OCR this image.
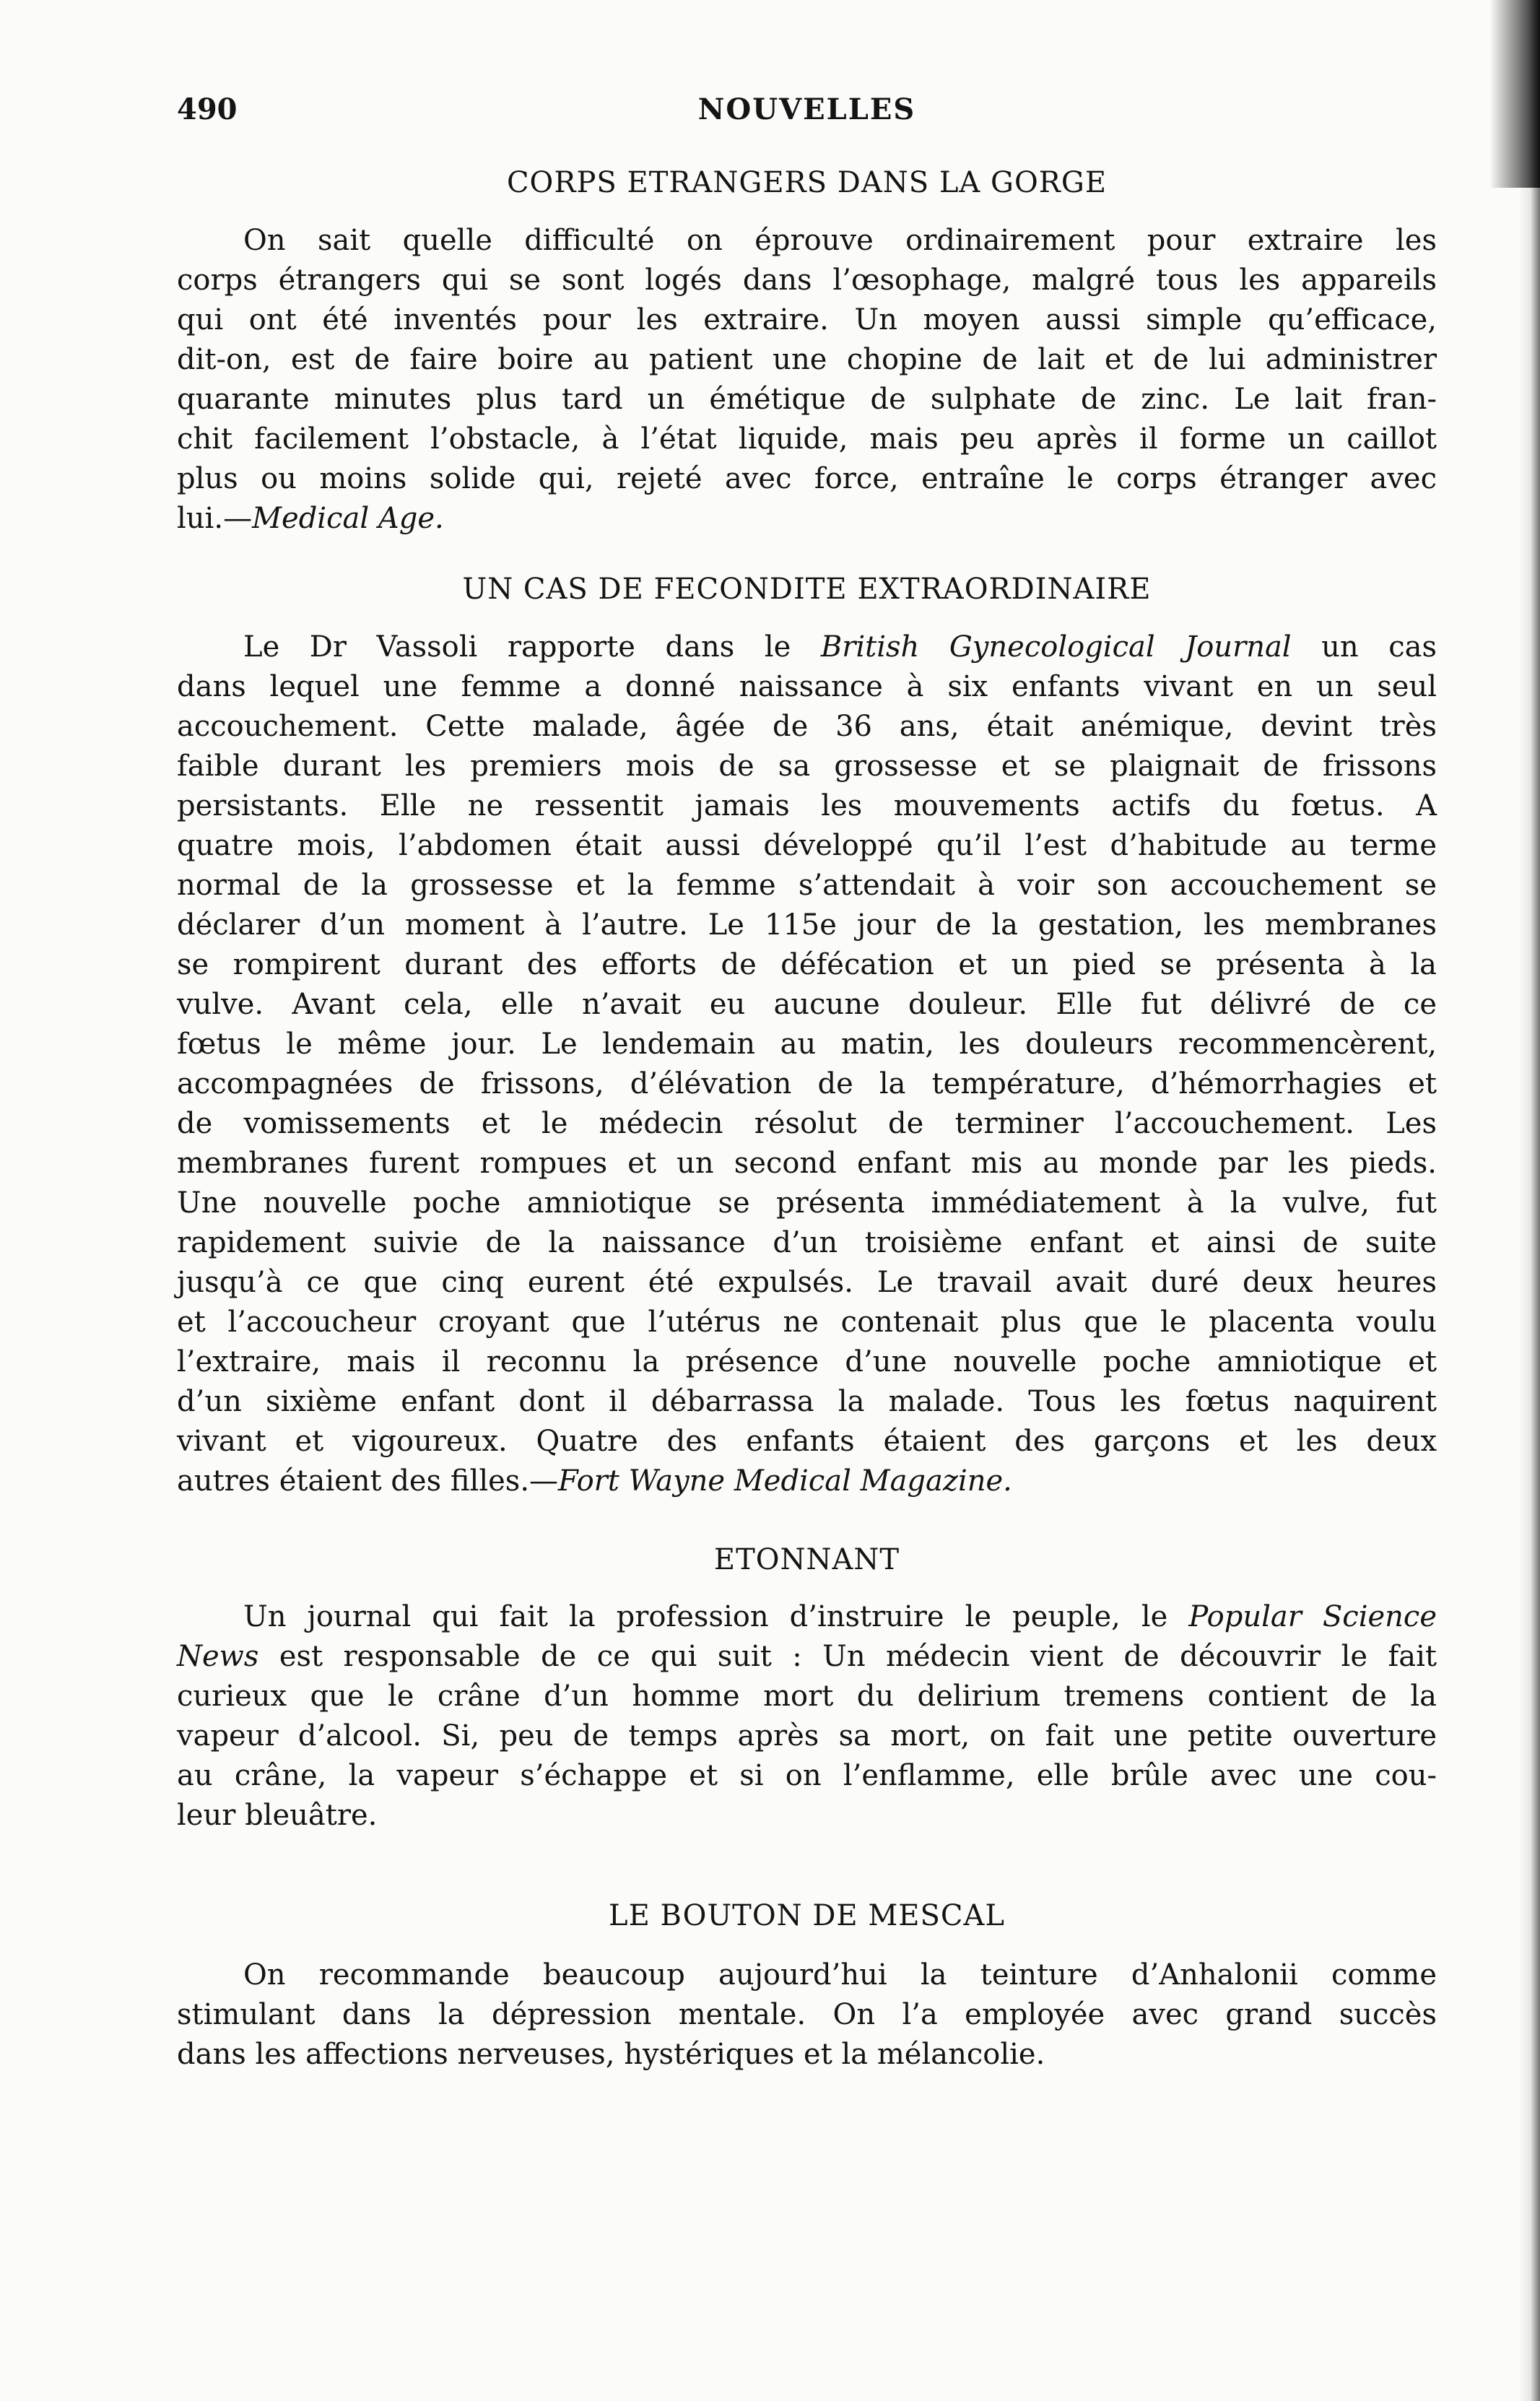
490	NOUVELLES
CORPS ETRANGERS DANS LA GORGE
On sait quelle difficulté on éprouve ordinairement pour extraire les
corps étrangers qui se sont logés dans l’œsophage, malgré tous les appareils
qui ont été inventés pour les extraire. Un moyen aussi simple qu’efficace,
dit-on, est de faire boire au patient une chopine de lait et de lui administrer
quarante minutes plus tard un émétique de sulphate de zinc. Le lait fran-
chit facilement l’obstacle, à l’état liquide, mais peu après il forme un caillot
plus ou moins solide qui, rejeté avec force, entraîne le corps étranger avec
lui.—Medical Age.
UN CAS DE FECONDITE EXTRAORDINAIRE
Le Dr Vassoli rapporte dans le British Gynecological Journal un cas
dans lequel une femme a donné naissance à six enfants vivant en un seul
accouchement. Cette malade, âgée de 36 ans, était anémique, devint très
faible durant les premiers mois de sa grossesse et se plaignait de frissons
persistants. Elle ne ressentit jamais les mouvements actifs du fœtus. A
quatre mois, l’abdomen était aussi développé qu’il l’est d’habitude au terme
normal de la grossesse et la femme s’attendait à voir son accouchement se
déclarer d’un moment à l’autre. Le 115e jour de la gestation, les membranes
se rompirent durant des efforts de défécation et un pied se présenta à la
vulve. Avant cela, elle n’avait eu aucune douleur. Elle fut délivré de ce
fœtus le même jour. Le lendemain au matin, les douleurs recommencèrent,
accompagnées de frissons, d’élévation de la température, d’hémorrhagies et
de vomissements et le médecin résolut de terminer l’accouchement. Les
membranes furent rompues et un second enfant mis au monde par les pieds.
Une nouvelle poche amniotique se présenta immédiatement à la vulve, fut
rapidement suivie de la naissance d’un troisième enfant et ainsi de suite
jusqu’à ce que cinq eurent été expulsés. Le travail avait duré deux heures
et l’accoucheur croyant que l’utérus ne contenait plus que le placenta voulu
l’extraire, mais il reconnu la présence d’une nouvelle poche amniotique et
d’un sixième enfant dont il débarrassa la malade. Tous les fœtus naquirent
vivant et vigoureux. Quatre des enfants étaient des garçons et les deux
autres étaient des filles.—Fort Wayne Medical Magazine.
ETONNANT
Un journal qui fait la profession d’instruire le peuple, le Popular Science
News est responsable de ce qui suit : Un médecin vient de découvrir le fait
curieux que le crâne d’un homme mort du delirium tremens contient de la
vapeur d’alcool. Si, peu de temps après sa mort, on fait une petite ouverture
au crâne, la vapeur s’échappe et si on l’enflamme, elle brûle avec une cou-
leur bleuâtre.
LE BOUTON DE MESCAL
On recommande beaucoup aujourd’hui la teinture d’Anhalonii comme
stimulant dans la dépression mentale. On l’a employée avec grand succès
dans les affections nerveuses, hystériques et la mélancolie.
